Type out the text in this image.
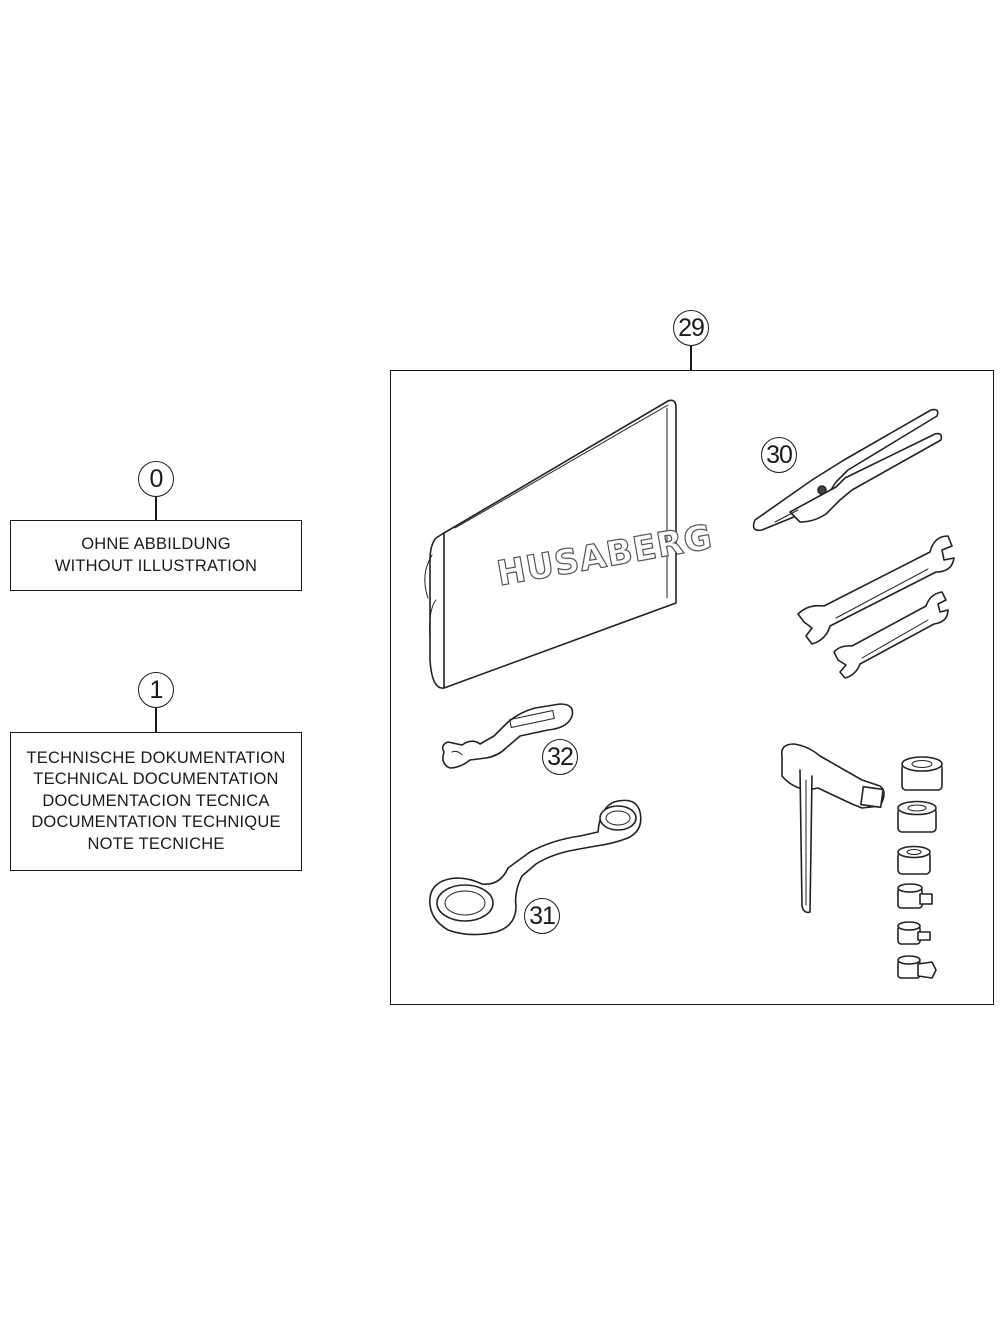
0
OHNE ABBILDUNG
WITHOUT ILLUSTRATION
1
TECHNISCHE DOKUMENTATION
TECHNICAL DOCUMENTATION
DOCUMENTACION TECNICA
DOCUMENTATION TECHNIQUE
NOTE TECNICHE
29
HUSABERG
30
32
31
